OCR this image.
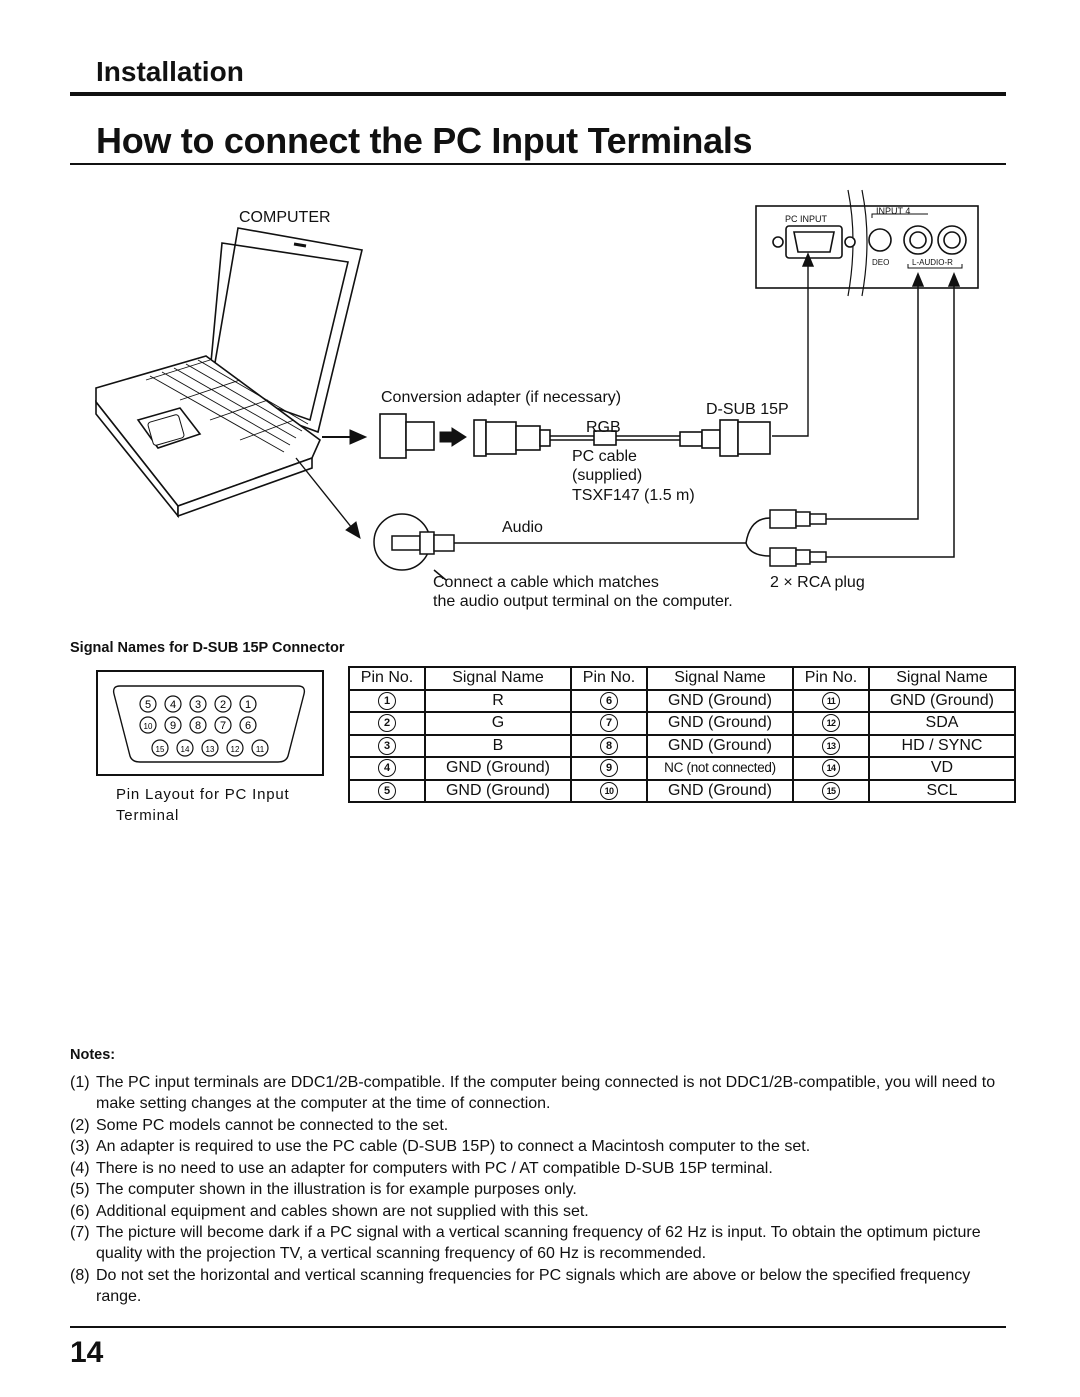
Installation
How to connect the PC Input Terminals
COMPUTER	PC INPUT
INPUT 4
DEO	L-AUDIO-R
Conversion adapter (if necessary)
D-SUB 15P
RGB
PC cable
(supplied)
TSXF147 (1.5 m)
Audio
Connect a cable which matches
the audio output terminal on the computer.
2 × RCA plug
Signal Names for D-SUB 15P Connector
5 4 3 2 1
10 9 8 7 6
15 14 13 12 11
Pin Layout for PC Input
Terminal
Pin No.	Signal Name	Pin No.	Signal Name	Pin No.	Signal Name
1	R	6	GND (Ground)	11	GND (Ground)
2	G	7	GND (Ground)	12	SDA
3	B	8	GND (Ground)	13	HD / SYNC
4	GND (Ground)	9	NC (not connected)	14	VD
5	GND (Ground)	10	GND (Ground)	15	SCL
Notes:
(1) The PC input terminals are DDC1/2B-compatible. If the computer being connected is not DDC1/2B-compatible, you will need to make setting changes at the computer at the time of connection.
(2) Some PC models cannot be connected to the set.
(3) An adapter is required to use the PC cable (D-SUB 15P) to connect a Macintosh computer to the set.
(4) There is no need to use an adapter for computers with PC / AT compatible D-SUB 15P terminal.
(5) The computer shown in the illustration is for example purposes only.
(6) Additional equipment and cables shown are not supplied with this set.
(7) The picture will become dark if a PC signal with a vertical scanning frequency of 62 Hz is input. To obtain the optimum picture quality with the projection TV, a vertical scanning frequency of 60 Hz is recommended.
(8) Do not set the horizontal and vertical scanning frequencies for PC signals which are above or below the specified frequency range.
14
